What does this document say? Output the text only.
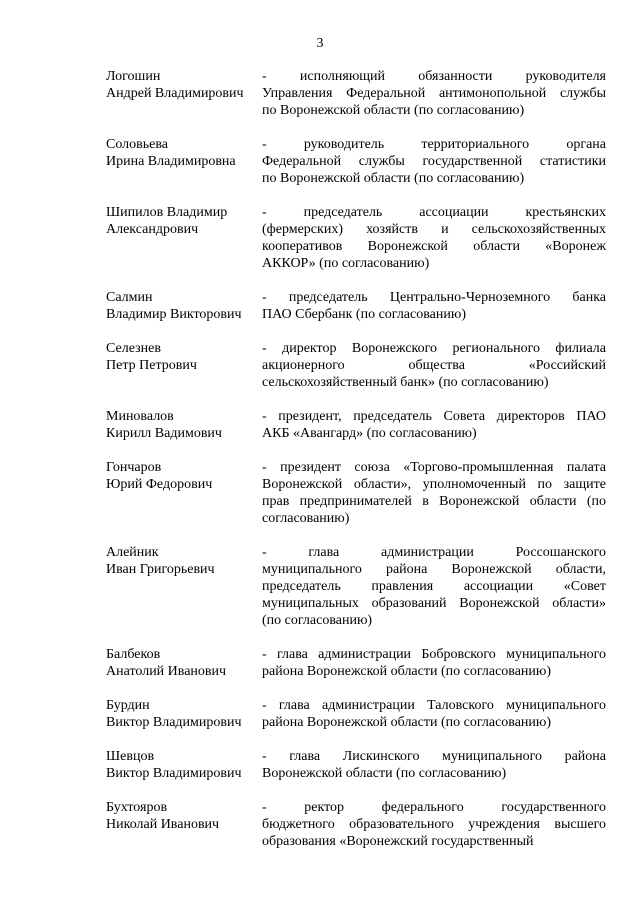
3
Логошин
Андрей Владимирович
- исполняющий обязанности руководителя
Управления Федеральной антимонопольной службы
по Воронежской области (по согласованию)
Соловьева
Ирина Владимировна
- руководитель территориального органа
Федеральной службы государственной статистики
по Воронежской области (по согласованию)
Шипилов Владимир
Александрович
- председатель ассоциации крестьянских
(фермерских) хозяйств и сельскохозяйственных
кооперативов Воронежской области «Воронеж
АККОР» (по согласованию)
Салмин
Владимир Викторович
- председатель Центрально-Черноземного банка
ПАО Сбербанк (по согласованию)
Селезнев
Петр Петрович
- директор Воронежского регионального филиала
акционерного общества «Российский
сельскохозяйственный банк» (по согласованию)
Миновалов
Кирилл Вадимович
- президент, председатель Совета директоров ПАО
АКБ «Авангард» (по согласованию)
Гончаров
Юрий Федорович
- президент союза «Торгово-промышленная палата
Воронежской области», уполномоченный по защите
прав предпринимателей в Воронежской области (по
согласованию)
Алейник
Иван Григорьевич
- глава администрации Россошанского
муниципального района Воронежской области,
председатель правления ассоциации «Совет
муниципальных образований Воронежской области»
(по согласованию)
Балбеков
Анатолий Иванович
- глава администрации Бобровского муниципального
района Воронежской области (по согласованию)
Бурдин
Виктор Владимирович
- глава администрации Таловского муниципального
района Воронежской области (по согласованию)
Шевцов
Виктор Владимирович
- глава Лискинского муниципального района
Воронежской области (по согласованию)
Бухтояров
Николай Иванович
- ректор федерального государственного
бюджетного образовательного учреждения высшего
образования «Воронежский государственный
